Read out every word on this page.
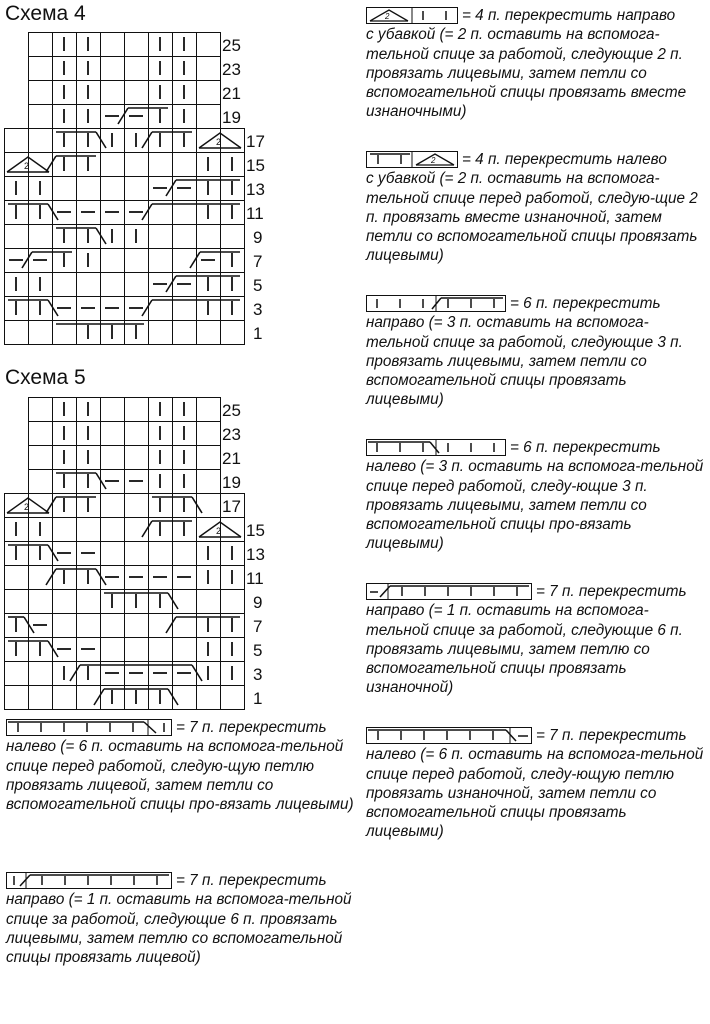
Схема 4
2
2
25
23
21
19
17
15
13
11
9
7
5
3
1
Схема 5
2
2
25
23
21
19
17
15
13
11
9
7
5
3
1
= 7 п. перекрестить
налево (= 6 п. оставить на вспомога-тельной спице перед работой, следую-щую петлю провязать лицевой, затем петли со вспомогательной спицы про-вязать лицевыми)
= 7 п. перекрестить
направо (= 1 п. оставить на вспомога-тельной спице за работой, следующие 6 п. провязать лицевыми, затем петлю со вспомогательной спицы провязать лицевой)
2	= 4 п. перекрестить направо
с убавкой (= 2 п. оставить на вспомога-тельной спице за работой, следующие 2 п. провязать лицевыми, затем петли со вспомогательной спицы провязать вместе изнаночными)
2 = 4 п. перекрестить налево
с убавкой (= 2 п. оставить на вспомога-тельной спице перед работой, следую-щие 2 п. провязать вместе изнаночной, затем петли со вспомогательной спицы провязать лицевыми)
= 6 п. перекрестить
направо (= 3 п. оставить на вспомога-тельной спице за работой, следующие 3 п. провязать лицевыми, затем петли со вспомогательной спицы провязать лицевыми)
= 6 п. перекрестить
налево (= 3 п. оставить на вспомога-тельной спице перед работой, следу-ющие 3 п. провязать лицевыми, затем петли со вспомогательной спицы про-вязать лицевыми)
= 7 п. перекрестить
направо (= 1 п. оставить на вспомога-тельной спице за работой, следующие 6 п. провязать лицевыми, затем петлю со вспомогательной спицы провязать изнаночной)
= 7 п. перекрестить
налево (= 6 п. оставить на вспомога-тельной спице перед работой, следу-ющую петлю провязать изнаночной, затем петли со вспомогательной спицы провязать лицевыми)
